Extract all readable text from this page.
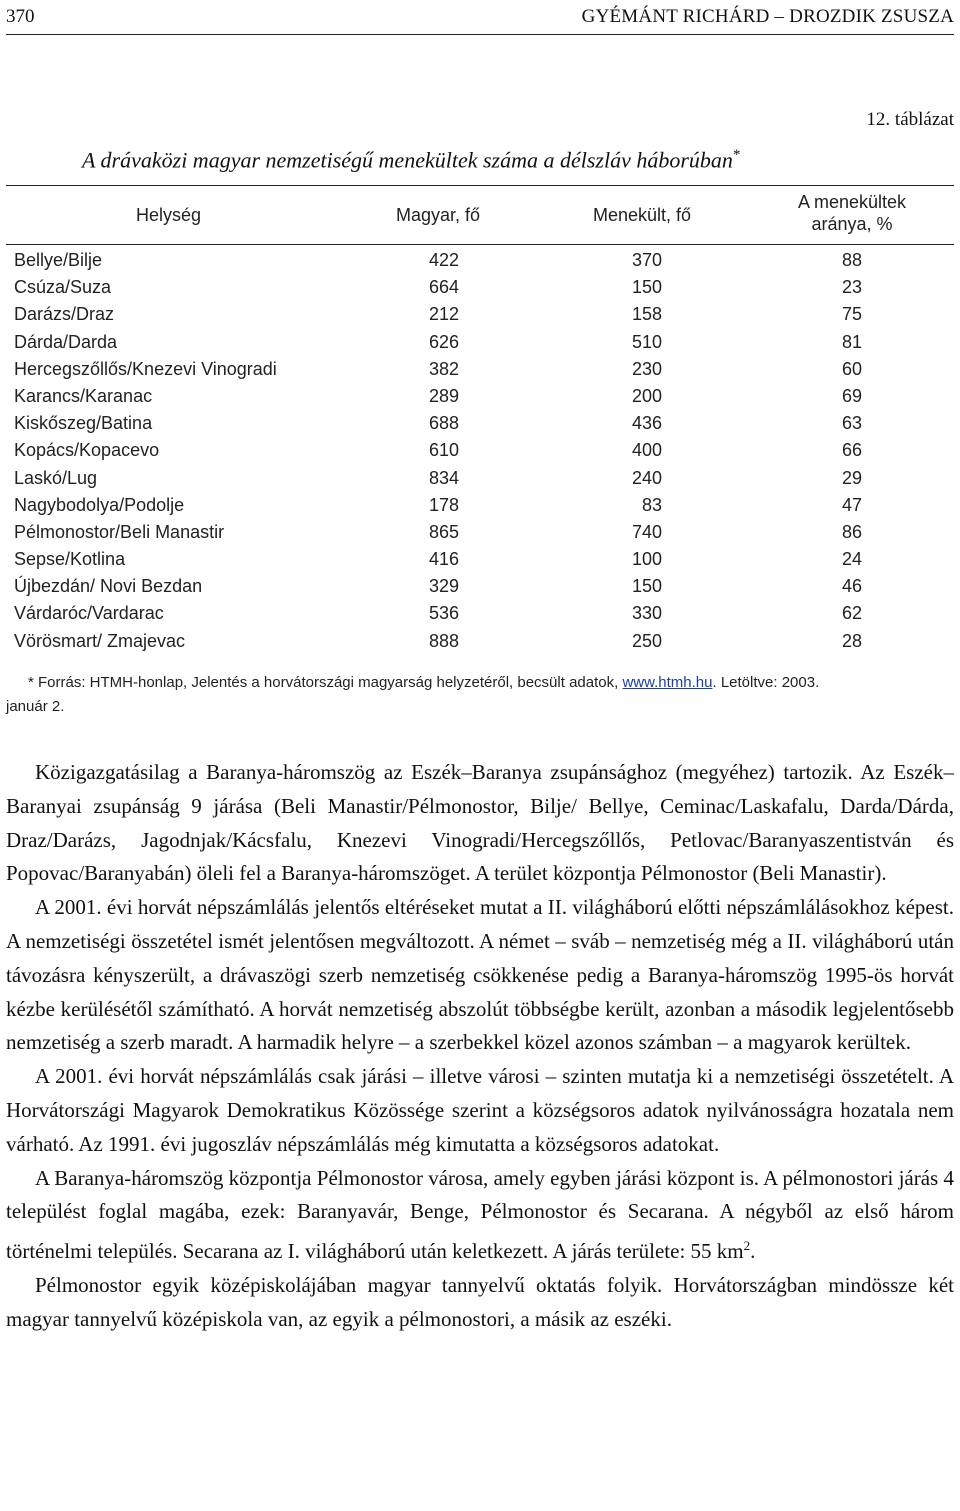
370	GYÉMÁNT RICHÁRD – DROZDIK ZSUSZA
12. táblázat
A drávaközi magyar nemzetiségű menekültek száma a délszláv háborúban*
Helység	Magyar, fő	Menekült, fő
A menekültek
aránya, %
Bellye/Bilje	422	370	88
Csúza/Suza	664	150	23
Darázs/Draz	212	158	75
Dárda/Darda	626	510	81
Hercegszőllős/Knezevi Vinogradi	382	230	60
Karancs/Karanac	289	200	69
Kiskőszeg/Batina	688	436	63
Kopács/Kopacevo	610	400	66
Laskó/Lug	834	240	29
Nagybodolya/Podolje	178	83	47
Pélmonostor/Beli Manastir	865	740	86
Sepse/Kotlina	416	100	24
Újbezdán/ Novi Bezdan	329	150	46
Várdaróc/Vardarac	536	330	62
Vörösmart/ Zmajevac	888	250	28
* Forrás: HTMH-honlap, Jelentés a horvátországi magyarság helyzetéről, becsült adatok, www.htmh.hu. Letöltve: 2003.
január 2.

Közigazgatásilag a Baranya-háromszög az Eszék–Baranya zsupánsághoz (megyéhez) tartozik. Az Eszék–Baranyai zsupánság 9 járása (Beli Manastir/Pélmonostor, Bilje/ Bellye, Ceminac/Laskafalu, Darda/Dárda, Draz/Darázs, Jagodnjak/Kácsfalu, Knezevi Vinogradi/Hercegszőllős, Petlovac/Baranyaszentistván és Popovac/Baranyabán) öleli fel a Baranya-háromszöget. A terület központja Pélmonostor (Beli Manastir).

A 2001. évi horvát népszámlálás jelentős eltéréseket mutat a II. világháború előtti népszámlálásokhoz képest. A nemzetiségi összetétel ismét jelentősen megváltozott. A német – sváb – nemzetiség még a II. világháború után távozásra kényszerült, a drávaszögi szerb nemzetiség csökkenése pedig a Baranya-háromszög 1995-ös horvát kézbe kerülésétől számítható. A horvát nemzetiség abszolút többségbe került, azonban a második legjelentősebb nemzetiség a szerb maradt. A harmadik helyre – a szerbekkel közel azonos számban – a magyarok kerültek.

A 2001. évi horvát népszámlálás csak járási – illetve városi – szinten mutatja ki a nemzetiségi összetételt. A Horvátországi Magyarok Demokratikus Közössége szerint a községsoros adatok nyilvánosságra hozatala nem várható. Az 1991. évi jugoszláv népszámlálás még kimutatta a községsoros adatokat.

A Baranya-háromszög központja Pélmonostor városa, amely egyben járási központ is. A pélmonostori járás 4 települést foglal magába, ezek: Baranyavár, Benge, Pélmonostor és Secarana. A négyből az első három történelmi település. Secarana az I. világháború után keletkezett. A járás területe: 55 $km^2$.

Pélmonostor egyik középiskolájában magyar tannyelvű oktatás folyik. Horvátországban mindössze két magyar tannyelvű középiskola van, az egyik a pélmonostori, a másik az eszéki.
